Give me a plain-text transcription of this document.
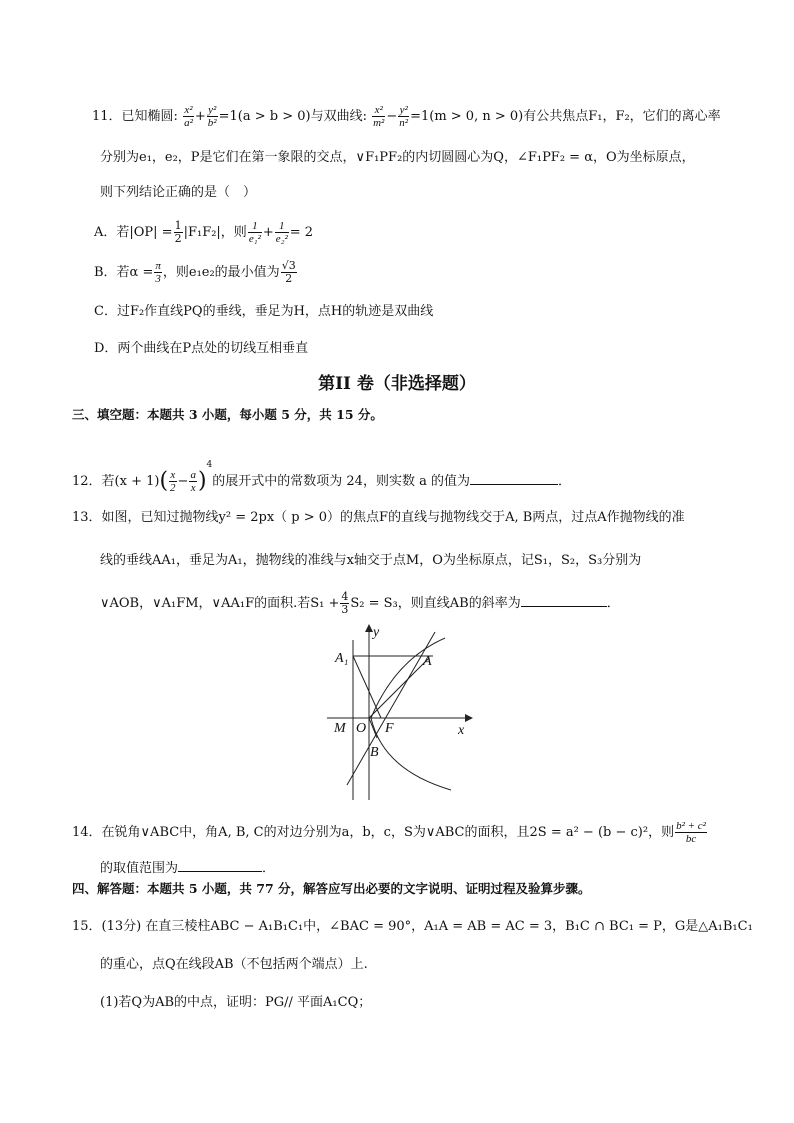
11．已知椭圆: $\frac{\text{x²}}{\text{a²}} + \frac{\text{y²}}{\text{b²}} =1(a > b > 0)$与双曲线: $\frac{\text{x²}}{\text{m²}} - \frac{\text{y²}}{\text{n²}} =1(m > 0$, n > 0)有公共焦点F₁，F₂，它们的离心率
分别为e₁，e₂，P是它们在第一象限的交点，∨F₁PF₂的内切圆圆心为Q，∠F₁PF₂ = α，O为坐标原点，
则下列结论正确的是（　）
A．若$|OP| = \frac{1}{2} |F_1F_2|$，则 $\frac{1}{\text{e₁²}} + \frac{1}{\text{e₂²}} = 2$
B．若$\alpha = \frac{\pi}{3}$ ，则e₁e₂的最小值为 $\frac{√3}{2}$
C．过F₂作直线PQ的垂线，垂足为H，点H的轨迹是双曲线
D．两个曲线在P点处的切线互相垂直
第II 卷（非选择题）
三、填空题：本题共 3 小题，每小题 5 分，共 15 分。
12．若$(x + 1)( \frac{x}{2} - \frac{a}{x} )^4$的展开式中的常数项为 24，则实数 a 的值为	．
13．如图，已知过抛物线y² = 2px（ p > 0）的焦点F的直线与抛物线交于A, B两点，过点A作抛物线的准
线的垂线AA₁，垂足为A₁，抛物线的准线与x轴交于点M，O为坐标原点，记S₁，S₂，S₃分别为
∨AOB，∨A₁FM，∨AA₁F的面积.若$S_1 + \frac{4}{3} S_2 = S_3$，则直线AB的斜率为	．
y
x
A₁	A
M O F
B
14．在锐角∨ABC中，角A, B, C的对边分别为a，b，c，S为∨ABC的面积，且2S = a² − (b − c)²，则 $\frac{\text{b² + c²}}{bc}$
的取值范围为	．
四、解答题：本题共 5 小题，共 77 分，解答应写出必要的文字说明、证明过程及验算步骤。
15．(13分) 在直三棱柱ABC − A₁B₁C₁中，∠BAC = 90°，A₁A = AB = AC = 3，B₁C ∩ BC₁ = P，G是△A₁B₁C₁
的重心，点Q在线段AB（不包括两个端点）上.
(1)若Q为AB的中点，证明：PG// 平面A₁CQ；
